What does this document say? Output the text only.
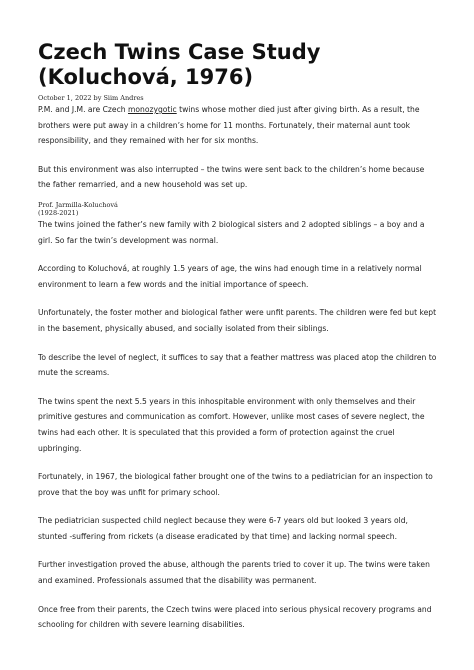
Czech Twins Case Study (Koluchová, 1976)
October 1, 2022 by Siim Andres

P.M. and J.M. are Czech monozygotic twins whose mother died just after giving birth. As a result, the brothers were put away in a children’s home for 11 months. Fortunately, their maternal aunt took responsibility, and they remained with her for six months.

But this environment was also interrupted – the twins were sent back to the children’s home because the father remarried, and a new household was set up.

Prof. Jarmilla-Koluchová
(1928-2021)

The twins joined the father’s new family with 2 biological sisters and 2 adopted siblings – a boy and a girl. So far the twin’s development was normal.

According to Koluchová, at roughly 1.5 years of age, the wins had enough time in a relatively normal environment to learn a few words and the initial importance of speech.

Unfortunately, the foster mother and biological father were unfit parents. The children were fed but kept in the basement, physically abused, and socially isolated from their siblings.

To describe the level of neglect, it suffices to say that a feather mattress was placed atop the children to mute the screams.

The twins spent the next 5.5 years in this inhospitable environment with only themselves and their primitive gestures and communication as comfort. However, unlike most cases of severe neglect, the twins had each other. It is speculated that this provided a form of protection against the cruel upbringing.

Fortunately, in 1967, the biological father brought one of the twins to a pediatrician for an inspection to prove that the boy was unfit for primary school.

The pediatrician suspected child neglect because they were 6-7 years old but looked 3 years old, stunted -suffering from rickets (a disease eradicated by that time) and lacking normal speech.

Further investigation proved the abuse, although the parents tried to cover it up. The twins were taken and examined. Professionals assumed that the disability was permanent.

Once free from their parents, the Czech twins were placed into serious physical recovery programs and schooling for children with severe learning disabilities.
